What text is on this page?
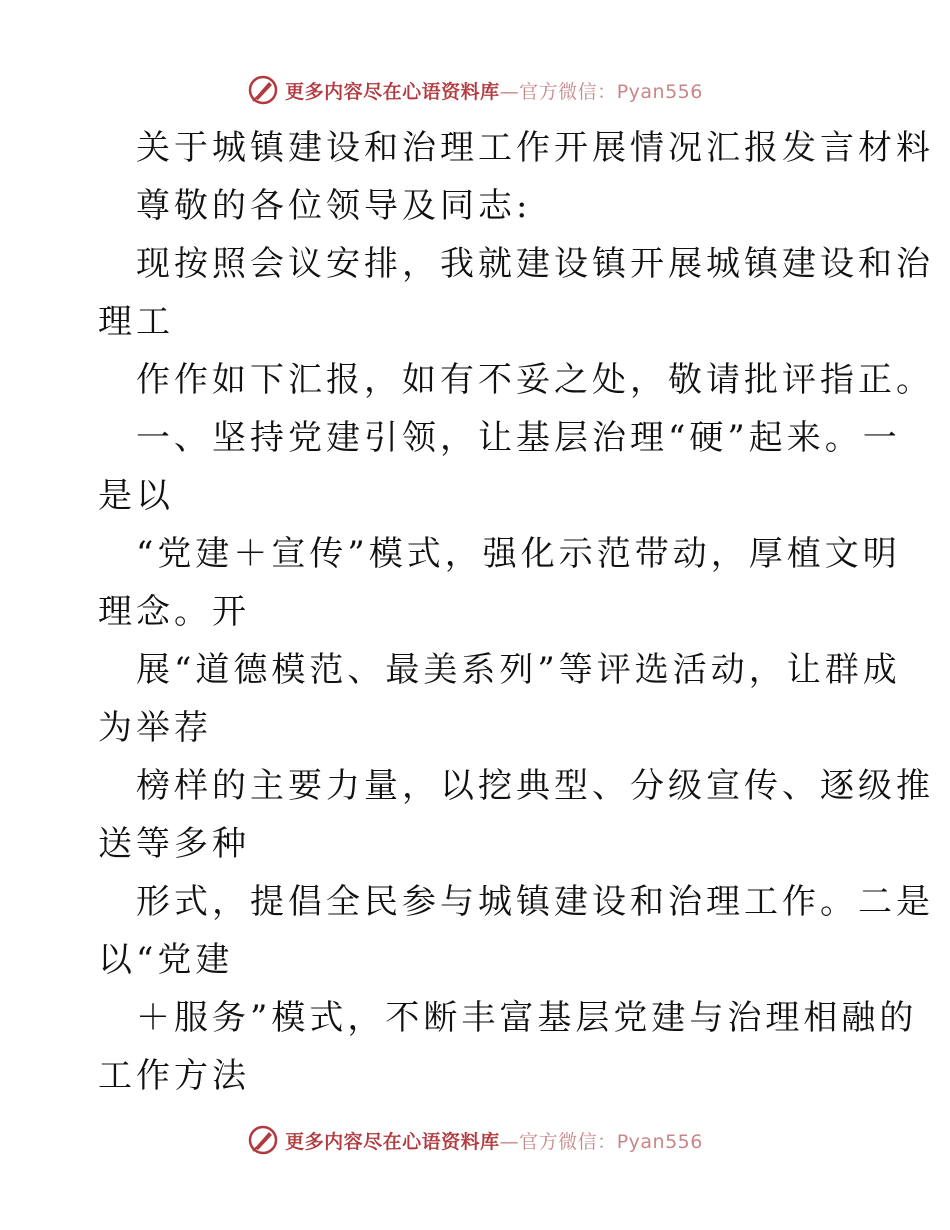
更多内容尽在心语资料库—官方微信：Pyan556
关于城镇建设和治理工作开展情况汇报发言材料
尊敬的各位领导及同志:
现按照会议安排，我就建设镇开展城镇建设和治
理工
作作如下汇报，如有不妥之处，敬请批评指正。
一、坚持党建引领，让基层治理“硬”起来。一
是以
“党建＋宣传”模式，强化示范带动，厚植文明
理念。开
展“道德模范、最美系列”等评选活动，让群成
为举荐
榜样的主要力量，以挖典型、分级宣传、逐级推
送等多种
形式，提倡全民参与城镇建设和治理工作。二是
以“党建
＋服务”模式，不断丰富基层党建与治理相融的
工作方法
更多内容尽在心语资料库—官方微信：Pyan556
